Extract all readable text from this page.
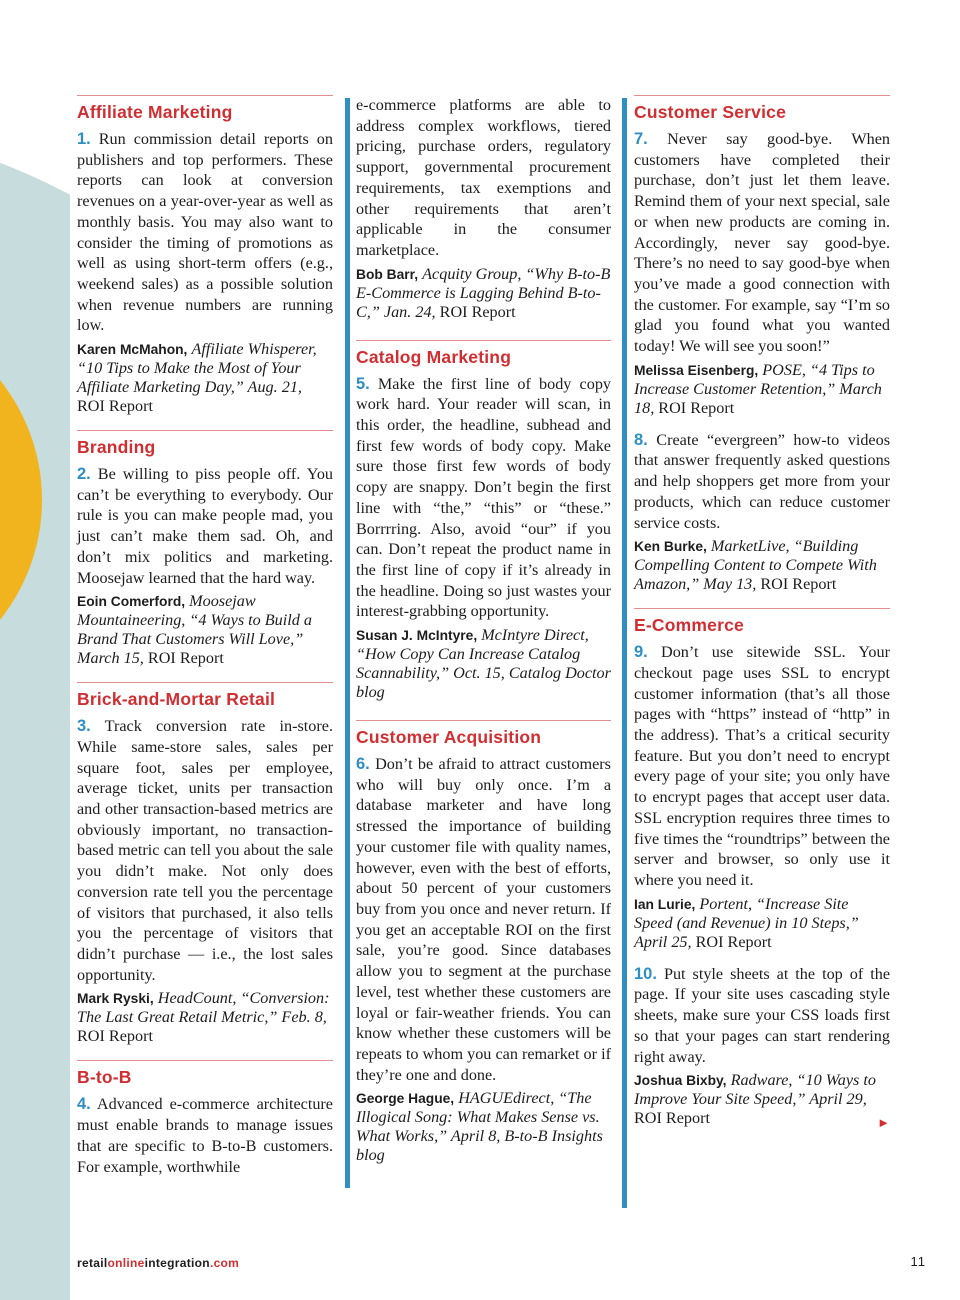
Affiliate Marketing

1. Run commission detail reports on publishers and top performers. These reports can look at conversion revenues on a year-over-year as well as monthly basis. You may also want to consider the timing of promotions as well as using short-term offers (e.g., weekend sales) as a possible solution when revenue numbers are running low.

Karen McMahon, Affiliate Whisperer, “10 Tips to Make the Most of Your Affiliate Marketing Day,” Aug. 21, ROI Report

Branding

2. Be willing to piss people off. You can’t be everything to everybody. Our rule is you can make people mad, you just can’t make them sad. Oh, and don’t mix politics and marketing. Moosejaw learned that the hard way.

Eoin Comerford, Moosejaw Mountaineering, “4 Ways to Build a Brand That Customers Will Love,” March 15, ROI Report

Brick-and-Mortar Retail

3. Track conversion rate in-store. While same-store sales, sales per square foot, sales per employee, average ticket, units per transaction and other transaction-based metrics are obviously important, no transaction-based metric can tell you about the sale you didn’t make. Not only does conversion rate tell you the percentage of visitors that purchased, it also tells you the percentage of visitors that didn’t purchase — i.e., the lost sales opportunity.

Mark Ryski, HeadCount, “Conversion: The Last Great Retail Metric,” Feb. 8, ROI Report

B-to-B

4. Advanced e-commerce architecture must enable brands to manage issues that are specific to B-to-B customers. For example, worthwhile

e-commerce platforms are able to address complex workflows, tiered pricing, purchase orders, regulatory support, governmental procurement requirements, tax exemptions and other requirements that aren’t applicable in the consumer marketplace.

Bob Barr, Acquity Group, “Why B-to-B E-Commerce is Lagging Behind B-to-C,” Jan. 24, ROI Report

Catalog Marketing

5. Make the first line of body copy work hard. Your reader will scan, in this order, the headline, subhead and first few words of body copy. Make sure those first few words of body copy are snappy. Don’t begin the first line with “the,” “this” or “these.” Borrrring. Also, avoid “our” if you can. Don’t repeat the product name in the first line of copy if it’s already in the headline. Doing so just wastes your interest-grabbing opportunity.

Susan J. McIntyre, McIntyre Direct, “How Copy Can Increase Catalog Scannability,” Oct. 15, Catalog Doctor blog

Customer Acquisition

6. Don’t be afraid to attract customers who will buy only once. I’m a database marketer and have long stressed the importance of building your customer file with quality names, however, even with the best of efforts, about 50 percent of your customers buy from you once and never return. If you get an acceptable ROI on the first sale, you’re good. Since databases allow you to segment at the purchase level, test whether these customers are loyal or fair-weather friends. You can know whether these customers will be repeats to whom you can remarket or if they’re one and done.

George Hague, HAGUEdirect, “The Illogical Song: What Makes Sense vs. What Works,” April 8, B-to-B Insights blog

Customer Service

7. Never say good-bye. When customers have completed their purchase, don’t just let them leave. Remind them of your next special, sale or when new products are coming in. Accordingly, never say good-bye. There’s no need to say good-bye when you’ve made a good connection with the customer. For example, say “I’m so glad you found what you wanted today! We will see you soon!”

Melissa Eisenberg, POSE, “4 Tips to Increase Customer Retention,” March 18, ROI Report

8. Create “evergreen” how-to videos that answer frequently asked questions and help shoppers get more from your products, which can reduce customer service costs.

Ken Burke, MarketLive, “Building Compelling Content to Compete With Amazon,” May 13, ROI Report

E-Commerce

9. Don’t use sitewide SSL. Your checkout page uses SSL to encrypt customer information (that’s all those pages with “https” instead of “http” in the address). That’s a critical security feature. But you don’t need to encrypt every page of your site; you only have to encrypt pages that accept user data. SSL encryption requires three times to five times the “roundtrips” between the server and browser, so only use it where you need it.

Ian Lurie, Portent, “Increase Site Speed (and Revenue) in 10 Steps,” April 25, ROI Report

10. Put style sheets at the top of the page. If your site uses cascading style sheets, make sure your CSS loads first so that your pages can start rendering right away.

Joshua Bixby, Radware, “10 Ways to Improve Your Site Speed,” April 29, ROI Report	►

retailonlineintegration.com	11
